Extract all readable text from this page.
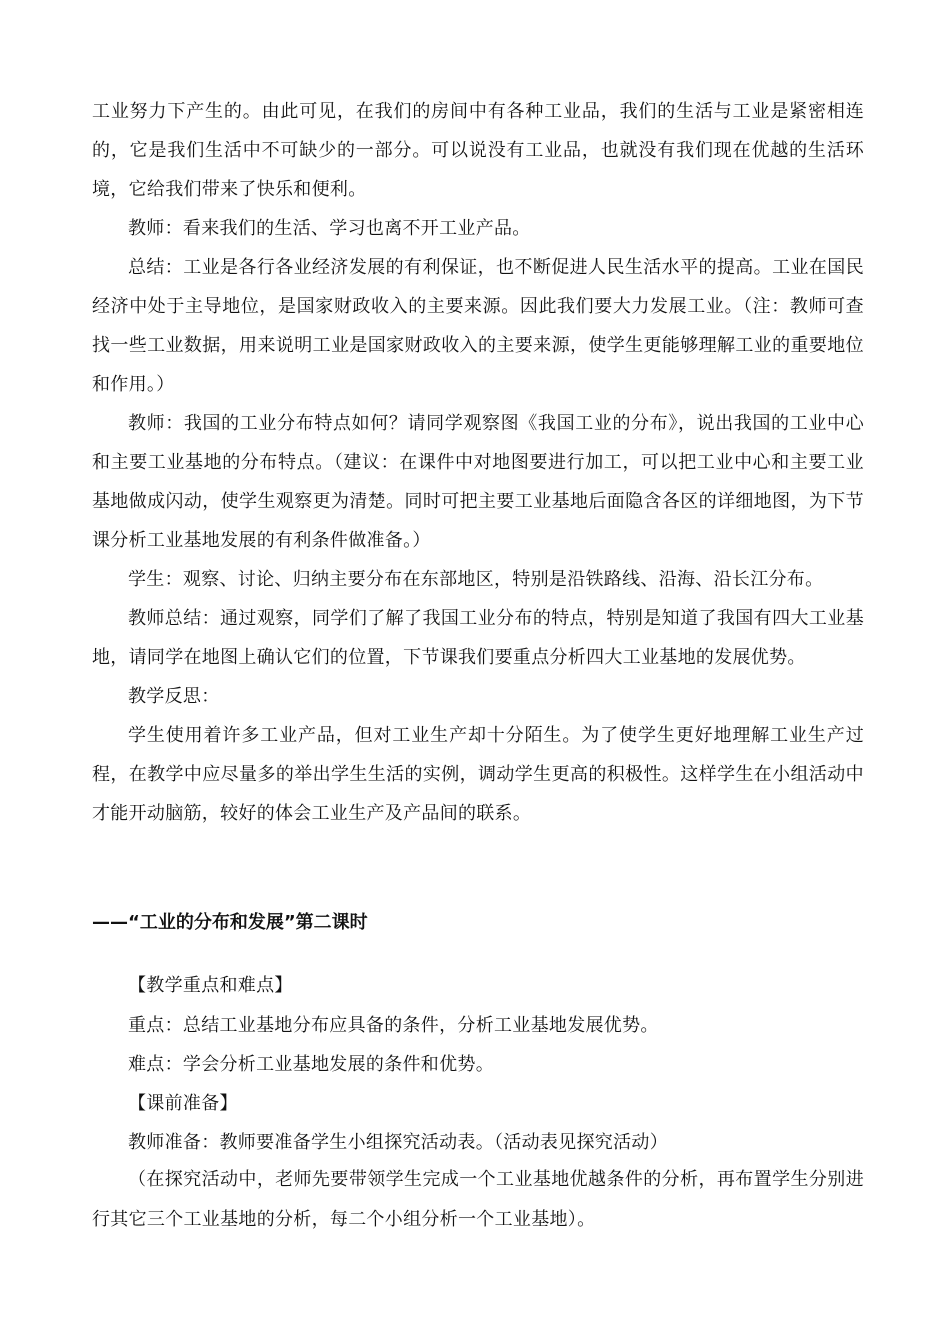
工业努力下产生的。由此可见，在我们的房间中有各种工业品，我们的生活与工业是紧密相连的，它是我们生活中不可缺少的一部分。可以说没有工业品，也就没有我们现在优越的生活环境，它给我们带来了快乐和便利。

教师：看来我们的生活、学习也离不开工业产品。

总结：工业是各行各业经济发展的有利保证，也不断促进人民生活水平的提高。工业在国民经济中处于主导地位，是国家财政收入的主要来源。因此我们要大力发展工业。（注：教师可查找一些工业数据，用来说明工业是国家财政收入的主要来源，使学生更能够理解工业的重要地位和作用。）

教师：我国的工业分布特点如何？请同学观察图《我国工业的分布》，说出我国的工业中心和主要工业基地的分布特点。（建议：在课件中对地图要进行加工，可以把工业中心和主要工业基地做成闪动，使学生观察更为清楚。同时可把主要工业基地后面隐含各区的详细地图，为下节课分析工业基地发展的有利条件做准备。）

学生：观察、讨论、归纳主要分布在东部地区，特别是沿铁路线、沿海、沿长江分布。

教师总结：通过观察，同学们了解了我国工业分布的特点，特别是知道了我国有四大工业基地，请同学在地图上确认它们的位置，下节课我们要重点分析四大工业基地的发展优势。

教学反思：

学生使用着许多工业产品，但对工业生产却十分陌生。为了使学生更好地理解工业生产过程，在教学中应尽量多的举出学生生活的实例，调动学生更高的积极性。这样学生在小组活动中才能开动脑筋，较好的体会工业生产及产品间的联系。

——“工业的分布和发展”第二课时

【教学重点和难点】

重点：总结工业基地分布应具备的条件，分析工业基地发展优势。

难点：学会分析工业基地发展的条件和优势。

【课前准备】

教师准备：教师要准备学生小组探究活动表。（活动表见探究活动）

（在探究活动中，老师先要带领学生完成一个工业基地优越条件的分析，再布置学生分别进行其它三个工业基地的分析，每二个小组分析一个工业基地）。
